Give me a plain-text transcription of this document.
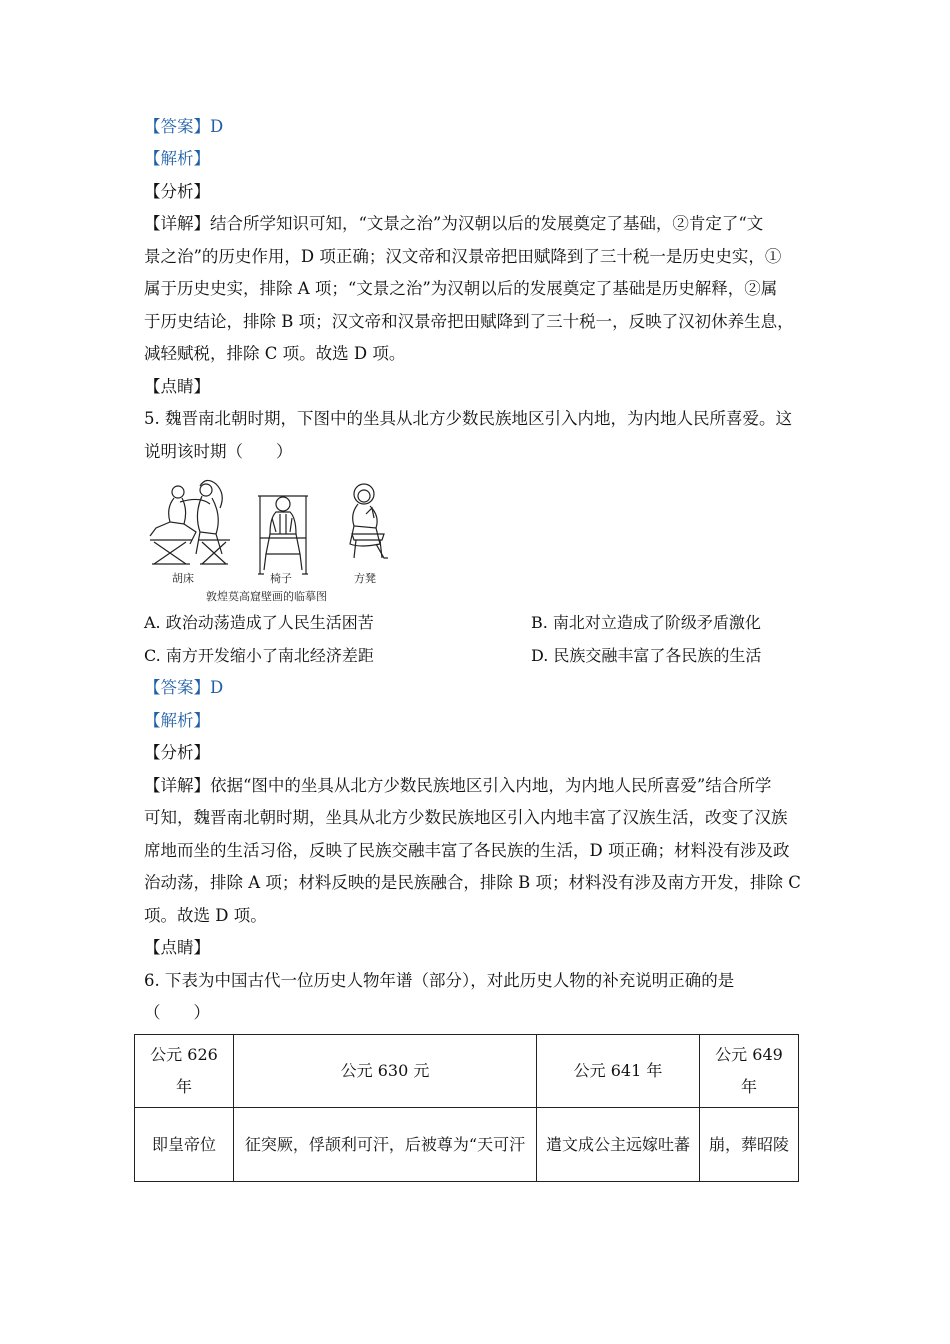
【答案】D
【解析】
【分析】
【详解】结合所学知识可知，“文景之治”为汉朝以后的发展奠定了基础，②肯定了“文
景之治”的历史作用，D 项正确；汉文帝和汉景帝把田赋降到了三十税一是历史史实，①
属于历史史实，排除 A 项；“文景之治”为汉朝以后的发展奠定了基础是历史解释，②属
于历史结论，排除 B 项；汉文帝和汉景帝把田赋降到了三十税一，反映了汉初休养生息，
减轻赋税，排除 C 项。故选 D 项。
【点睛】
5. 魏晋南北朝时期，下图中的坐具从北方少数民族地区引入内地，为内地人民所喜爱。这
说明该时期（　　）
胡床	椅子	方凳
敦煌莫高窟壁画的临摹图
A. 政治动荡造成了人民生活困苦	B. 南北对立造成了阶级矛盾激化
C. 南方开发缩小了南北经济差距	D. 民族交融丰富了各民族的生活
【答案】D
【解析】
【分析】
【详解】依据“图中的坐具从北方少数民族地区引入内地，为内地人民所喜爱”结合所学
可知，魏晋南北朝时期，坐具从北方少数民族地区引入内地丰富了汉族生活，改变了汉族
席地而坐的生活习俗，反映了民族交融丰富了各民族的生活，D 项正确；材料没有涉及政
治动荡，排除 A 项；材料反映的是民族融合，排除 B 项；材料没有涉及南方开发，排除 C
项。故选 D 项。
【点睛】
6. 下表为中国古代一位历史人物年谱（部分），对此历史人物的补充说明正确的是
（　　）
公元 626 年	公元 630 元	公元 641 年	公元 649 年
即皇帝位	征突厥，俘颉利可汗，后被尊为“天可汗	遣文成公主远嫁吐蕃	崩，葬昭陵
